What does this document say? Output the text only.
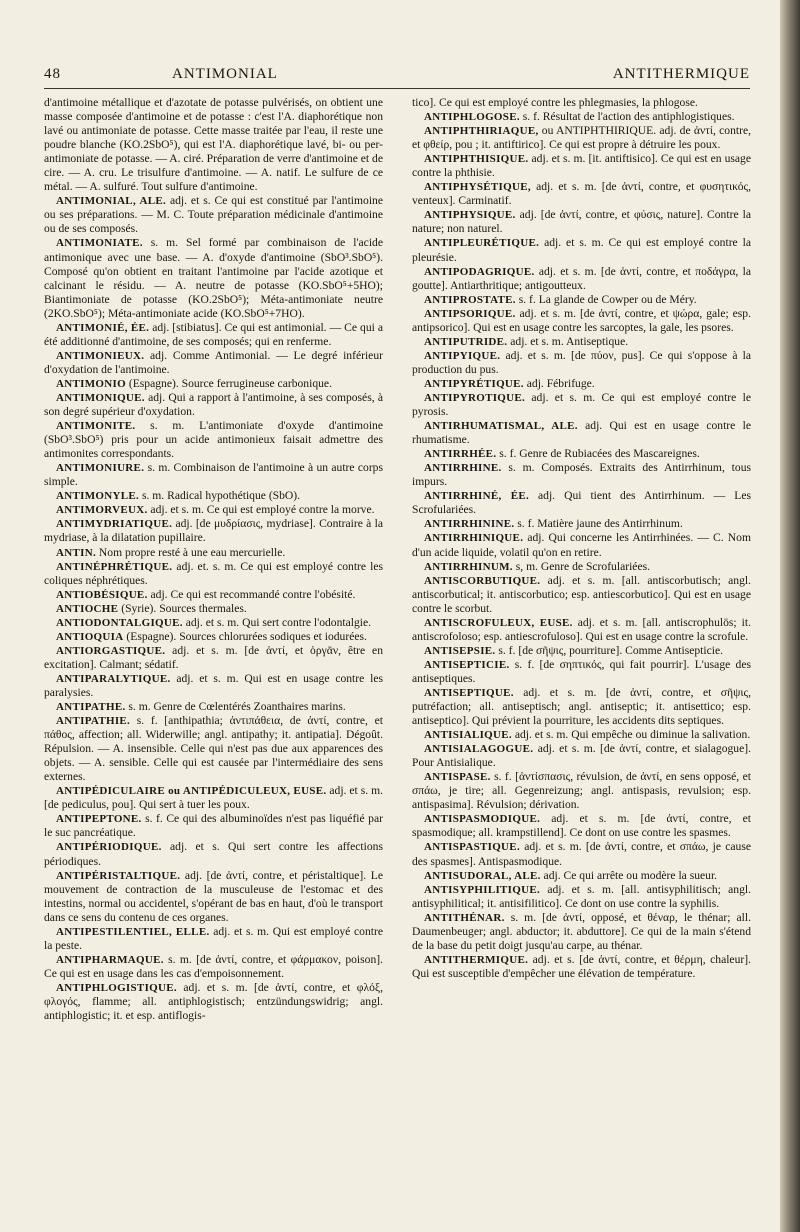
48	ANTIMONIAL	ANTITHERMIQUE

d'antimoine métallique et d'azotate de potasse pulvérisés, on obtient une masse composée d'antimoine et de potasse : c'est l'A. diaphorétique non lavé ou antimoniate de potasse. Cette masse traitée par l'eau, il reste une poudre blanche (KO.2SbO⁵), qui est l'A. diaphorétique lavé, bi- ou per-antimoniate de potasse. — A. ciré. Préparation de verre d'antimoine et de cire. — A. cru. Le trisulfure d'antimoine. — A. natif. Le sulfure de ce métal. — A. sulfuré. Tout sulfure d'antimoine.

ANTIMONIAL, ALE. adj. et s. Ce qui est constitué par l'antimoine ou ses préparations. — M. C. Toute préparation médicinale d'antimoine ou de ses composés.

ANTIMONIATE. s. m. Sel formé par combinaison de l'acide antimonique avec une base. — A. d'oxyde d'antimoine (SbO³.SbO⁵). Composé qu'on obtient en traitant l'antimoine par l'acide azotique et calcinant le résidu. — A. neutre de potasse (KO.SbO⁵+5HO); Biantimoniate de potasse (KO.2SbO⁵); Méta-antimoniate neutre (2KO.SbO⁵); Méta-antimoniate acide (KO.SbO⁵+7HO).

ANTIMONIÉ, ÉE. adj. [stibiatus]. Ce qui est antimonial. — Ce qui a été additionné d'antimoine, de ses composés; qui en renferme.

ANTIMONIEUX. adj. Comme Antimonial. — Le degré inférieur d'oxydation de l'antimoine.

ANTIMONIO (Espagne). Source ferrugineuse carbonique.

ANTIMONIQUE. adj. Qui a rapport à l'antimoine, à ses composés, à son degré supérieur d'oxydation.

ANTIMONITE. s. m. L'antimoniate d'oxyde d'antimoine (SbO³.SbO⁵) pris pour un acide antimonieux faisait admettre des antimonites correspondants.

ANTIMONIURE. s. m. Combinaison de l'antimoine à un autre corps simple.

ANTIMONYLE. s. m. Radical hypothétique (SbO).

ANTIMORVEUX. adj. et s. m. Ce qui est employé contre la morve.

ANTIMYDRIATIQUE. adj. [de μυδρίασις, mydriase]. Contraire à la mydriase, à la dilatation pupillaire.

ANTIN. Nom propre resté à une eau mercurielle.

ANTINÉPHRÉTIQUE. adj. et. s. m. Ce qui est employé contre les coliques néphrétiques.

ANTIOBÉSIQUE. adj. Ce qui est recommandé contre l'obésité.

ANTIOCHE (Syrie). Sources thermales.

ANTIODONTALGIQUE. adj. et s. m. Qui sert contre l'odontalgie.

ANTIOQUIA (Espagne). Sources chlorurées sodiques et iodurées.

ANTIORGASTIQUE. adj. et s. m. [de ἀντί, et ὀργᾶν, être en excitation]. Calmant; sédatif.

ANTIPARALYTIQUE. adj. et s. m. Qui est en usage contre les paralysies.

ANTIPATHE. s. m. Genre de Cœlentérés Zoanthaires marins.

ANTIPATHIE. s. f. [anthipathia; ἀντιπάθεια, de ἀντί, contre, et πάθος, affection; all. Widerwille; angl. antipathy; it. antipatia]. Dégoût. Répulsion. — A. insensible. Celle qui n'est pas due aux apparences des objets. — A. sensible. Celle qui est causée par l'intermédiaire des sens externes.

ANTIPÉDICULAIRE ou ANTIPÉDICULEUX, EUSE. adj. et s. m. [de pediculus, pou]. Qui sert à tuer les poux.

ANTIPEPTONE. s. f. Ce qui des albuminoïdes n'est pas liquéfié par le suc pancréatique.

ANTIPÉRIODIQUE. adj. et s. Qui sert contre les affections périodiques.

ANTIPÉRISTALTIQUE. adj. [de ἀντί, contre, et péristaltique]. Le mouvement de contraction de la musculeuse de l'estomac et des intestins, normal ou accidentel, s'opérant de bas en haut, d'où le transport dans ce sens du contenu de ces organes.

ANTIPESTILENTIEL, ELLE. adj. et s. m. Qui est employé contre la peste.

ANTIPHARMAQUE. s. m. [de ἀντί, contre, et φάρμακον, poison]. Ce qui est en usage dans les cas d'empoisonnement.

ANTIPHLOGISTIQUE. adj. et s. m. [de ἀντί, contre, et φλόξ, φλογός, flamme; all. antiphlogistisch; entzündungswidrig; angl. antiphlogistic; it. et esp. antiflogis-

tico]. Ce qui est employé contre les phlegmasies, la phlogose.

ANTIPHLOGOSE. s. f. Résultat de l'action des antiphlogistiques.

ANTIPHTHIRIAQUE, ou ANTIPHTHIRIQUE. adj. de ἀντί, contre, et φθείρ, pou ; it. antiftirico]. Ce qui est propre à détruire les poux.

ANTIPHTHISIQUE. adj. et s. m. [it. antiftisico]. Ce qui est en usage contre la phthisie.

ANTIPHYSÉTIQUE, adj. et s. m. [de ἀντί, contre, et φυσητικός, venteux]. Carminatif.

ANTIPHYSIQUE. adj. [de ἀντί, contre, et φύσις, nature]. Contre la nature; non naturel.

ANTIPLEURÉTIQUE. adj. et s. m. Ce qui est employé contre la pleurésie.

ANTIPODAGRIQUE. adj. et s. m. [de ἀντί, contre, et ποδάγρα, la goutte]. Antiarthritique; antigoutteux.

ANTIPROSTATE. s. f. La glande de Cowper ou de Méry.

ANTIPSORIQUE. adj. et s. m. [de ἀντί, contre, et ψώρα, gale; esp. antipsorico]. Qui est en usage contre les sarcoptes, la gale, les psores.

ANTIPUTRIDE. adj. et s. m. Antiseptique.

ANTIPYIQUE. adj. et s. m. [de πύον, pus]. Ce qui s'oppose à la production du pus.

ANTIPYRÉTIQUE. adj. Fébrifuge.

ANTIPYROTIQUE. adj. et s. m. Ce qui est employé contre le pyrosis.

ANTIRHUMATISMAL, ALE. adj. Qui est en usage contre le rhumatisme.

ANTIRRHÉE. s. f. Genre de Rubiacées des Mascareignes.

ANTIRRHINE. s. m. Composés. Extraits des Antirrhinum, tous impurs.

ANTIRRHINÉ, ÉE. adj. Qui tient des Antirrhinum. — Les Scrofulariées.

ANTIRRHININE. s. f. Matière jaune des Antirrhinum.

ANTIRRHINIQUE. adj. Qui concerne les Antirrhinées. — C. Nom d'un acide liquide, volatil qu'on en retire.

ANTIRRHINUM. s, m. Genre de Scrofulariées.

ANTISCORBUTIQUE. adj. et s. m. [all. antiscorbutisch; angl. antiscorbutical; it. antiscorbutico; esp. antiescorbutico]. Qui est en usage contre le scorbut.

ANTISCROFULEUX, EUSE. adj. et s. m. [all. antiscrophulös; it. antiscrofoloso; esp. antiescrofuloso]. Qui est en usage contre la scrofule.

ANTISEPSIE. s. f. [de σῆψις, pourriture]. Comme Antisepticie.

ANTISEPTICIE. s. f. [de σηπτικός, qui fait pourrir]. L'usage des antiseptiques.

ANTISEPTIQUE. adj. et s. m. [de ἀντί, contre, et σῆψις, putréfaction; all. antiseptisch; angl. antiseptic; it. antisettico; esp. antiseptico]. Qui prévient la pourriture, les accidents dits septiques.

ANTISIALIQUE. adj. et s. m. Qui empêche ou diminue la salivation.

ANTISIALAGOGUE. adj. et s. m. [de ἀντί, contre, et sialagogue]. Pour Antisialique.

ANTISPASE. s. f. [ἀντίσπασις, révulsion, de ἀντί, en sens opposé, et σπάω, je tire; all. Gegenreizung; angl. antispasis, revulsion; esp. antispasima]. Révulsion; dérivation.

ANTISPASMODIQUE. adj. et s. m. [de ἀντί, contre, et spasmodique; all. krampstillend]. Ce dont on use contre les spasmes.

ANTISPASTIQUE. adj. et s. m. [de ἀντί, contre, et σπάω, je cause des spasmes]. Antispasmodique.

ANTISUDORAL, ALE. adj. Ce qui arrête ou modère la sueur.

ANTISYPHILITIQUE. adj. et s. m. [all. antisyphilitisch; angl. antisyphilitical; it. antisifilitico]. Ce dont on use contre la syphilis.

ANTITHÉNAR. s. m. [de ἀντί, opposé, et θέναρ, le thénar; all. Daumenbeuger; angl. abductor; it. abduttore]. Ce qui de la main s'étend de la base du petit doigt jusqu'au carpe, au thénar.

ANTITHERMIQUE. adj. et s. [de ἀντί, contre, et θέρμη, chaleur]. Qui est susceptible d'empêcher une élévation de température.
